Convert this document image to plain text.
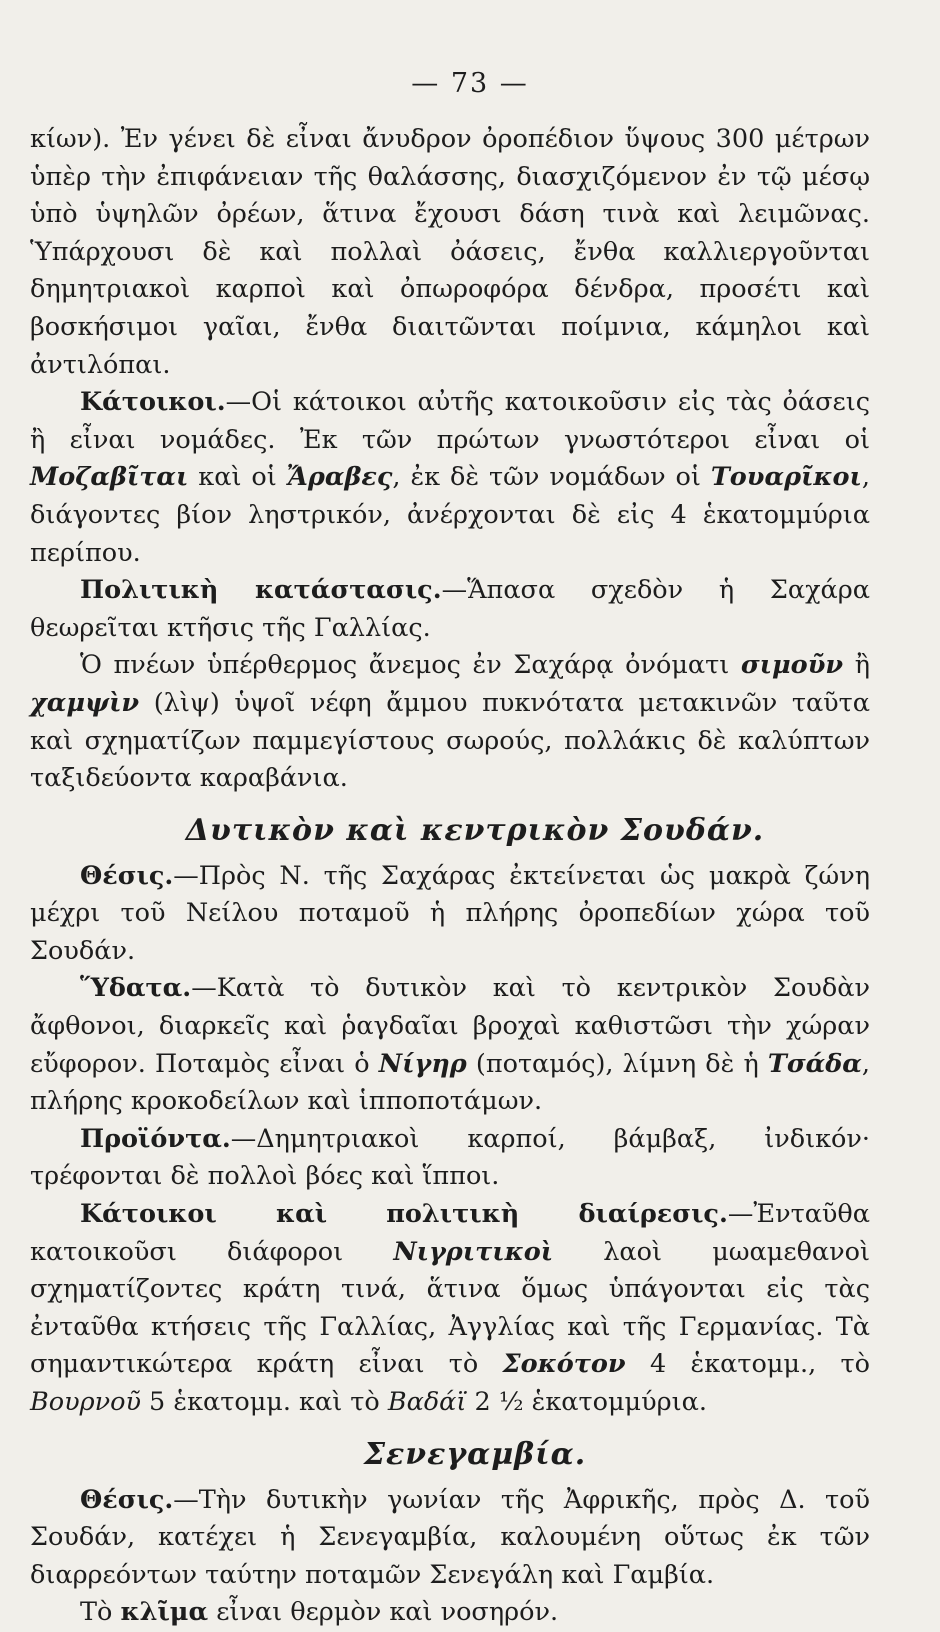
— 73 —

κίων). Ἐν γένει δὲ εἶναι ἄνυδρον ὀροπέδιον ὕψους 300 μέτρων ὑπὲρ τὴν ἐπιφάνειαν τῆς θαλάσσης, διασχιζόμενον ἐν τῷ μέσῳ ὑπὸ ὑψηλῶν ὀρέων, ἅτινα ἔχουσι δάση τινὰ καὶ λειμῶνας. Ὑπάρχουσι δὲ καὶ πολλαὶ ὀάσεις, ἔνθα καλλιεργοῦνται δημητριακοὶ καρποὶ καὶ ὀπωροφόρα δένδρα, προσέτι καὶ βοσκήσιμοι γαῖαι, ἔνθα διαιτῶνται ποίμνια, κάμηλοι καὶ ἀντιλόπαι.

Κάτοικοι.—Οἱ κάτοικοι αὐτῆς κατοικοῦσιν εἰς τὰς ὀάσεις ἢ εἶναι νομάδες. Ἐκ τῶν πρώτων γνωστότεροι εἶναι οἱ Μοζαβῖται καὶ οἱ Ἄραβες, ἐκ δὲ τῶν νομάδων οἱ Τουαρῖκοι, διάγοντες βίον ληστρικόν, ἀνέρχονται δὲ εἰς 4 ἑκατομμύρια περίπου.

Πολιτικὴ κατάστασις.—Ἅπασα σχεδὸν ἡ Σαχάρα θεωρεῖται κτῆσις τῆς Γαλλίας.

Ὁ πνέων ὑπέρθερμος ἄνεμος ἐν Σαχάρᾳ ὀνόματι σιμοῦν ἢ χαμψὶν (λὶψ) ὑψοῖ νέφη ἄμμου πυκνότατα μετακινῶν ταῦτα καὶ σχηματίζων παμμεγίστους σωρούς, πολλάκις δὲ καλύπτων ταξιδεύοντα καραβάνια.

Δυτικὸν καὶ κεντρικὸν Σουδάν.

Θέσις.—Πρὸς Ν. τῆς Σαχάρας ἐκτείνεται ὡς μακρὰ ζώνη μέχρι τοῦ Νείλου ποταμοῦ ἡ πλήρης ὀροπεδίων χώρα τοῦ Σουδάν.

Ὕδατα.—Κατὰ τὸ δυτικὸν καὶ τὸ κεντρικὸν Σουδὰν ἄφθονοι, διαρκεῖς καὶ ῥαγδαῖαι βροχαὶ καθιστῶσι τὴν χώραν εὔφορον. Ποταμὸς εἶναι ὁ Νίγηρ (ποταμός), λίμνη δὲ ἡ Τσάδα, πλήρης κροκοδείλων καὶ ἱπποποτάμων.

Προϊόντα.—Δημητριακοὶ καρποί, βάμβαξ, ἰνδικόν· τρέφονται δὲ πολλοὶ βόες καὶ ἵπποι.

Κάτοικοι καὶ πολιτικὴ διαίρεσις.—Ἐνταῦθα κατοικοῦσι διάφοροι Νιγριτικοὶ λαοὶ μωαμεθανοὶ σχηματίζοντες κράτη τινά, ἅτινα ὅμως ὑπάγονται εἰς τὰς ἐνταῦθα κτήσεις τῆς Γαλλίας, Ἀγγλίας καὶ τῆς Γερμανίας. Τὰ σημαντικώτερα κράτη εἶναι τὸ Σοκότον 4 ἑκατομμ., τὸ Βουρνοῦ 5 ἑκατομμ. καὶ τὸ Βαδάϊ 2 ½ ἑκατομμύρια.

Σενεγαμβία.

Θέσις.—Τὴν δυτικὴν γωνίαν τῆς Ἀφρικῆς, πρὸς Δ. τοῦ Σουδάν, κατέχει ἡ Σενεγαμβία, καλουμένη οὕτως ἐκ τῶν διαρρεόντων ταύτην ποταμῶν Σενεγάλη καὶ Γαμβία.

Τὸ κλῖμα εἶναι θερμὸν καὶ νοσηρόν.
